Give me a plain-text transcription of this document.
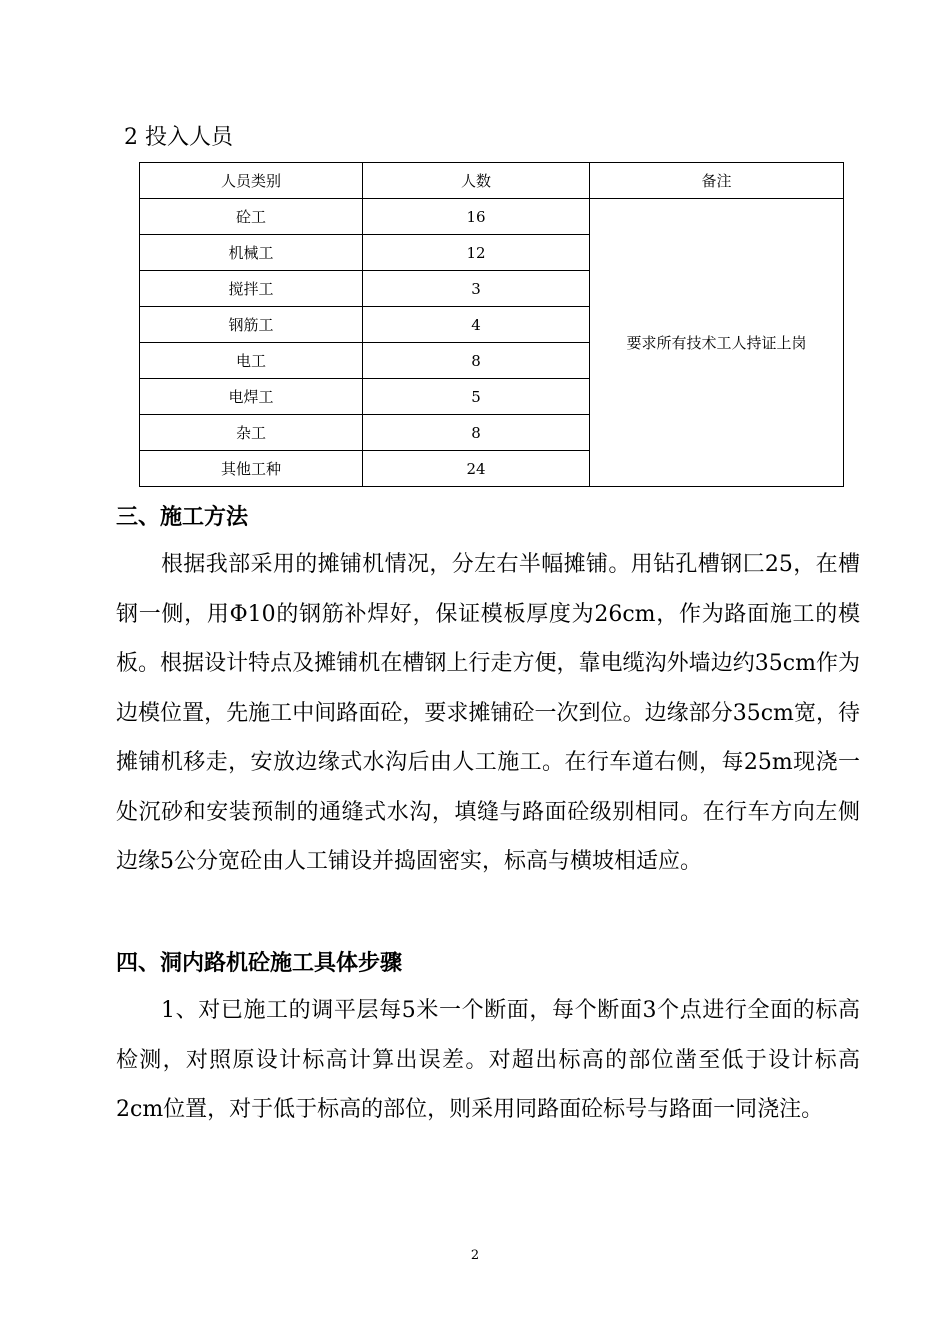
2 投入人员
人员类别	人数	备注
砼工	16	要求所有技术工人持证上岗
机械工	12	
搅拌工	3	
钢筋工	4	
电工	8	
电焊工	5	
杂工	8	
其他工种	24	
三、施工方法
根据我部采用的摊铺机情况，分左右半幅摊铺。用钻孔槽钢匚25，在槽钢一侧，用Φ10的钢筋补焊好，保证模板厚度为26cm，作为路面施工的模板。根据设计特点及摊铺机在槽钢上行走方便，靠电缆沟外墙边约35cm作为边模位置，先施工中间路面砼，要求摊铺砼一次到位。边缘部分35cm宽，待摊铺机移走，安放边缘式水沟后由人工施工。在行车道右侧，每25m现浇一处沉砂和安装预制的通缝式水沟，填缝与路面砼级别相同。在行车方向左侧边缘5公分宽砼由人工铺设并捣固密实，标高与横坡相适应。
四、洞内路机砼施工具体步骤
1、对已施工的调平层每5米一个断面，每个断面3个点进行全面的标高检测，对照原设计标高计算出误差。对超出标高的部位凿至低于设计标高2cm位置，对于低于标高的部位，则采用同路面砼标号与路面一同浇注。
2
